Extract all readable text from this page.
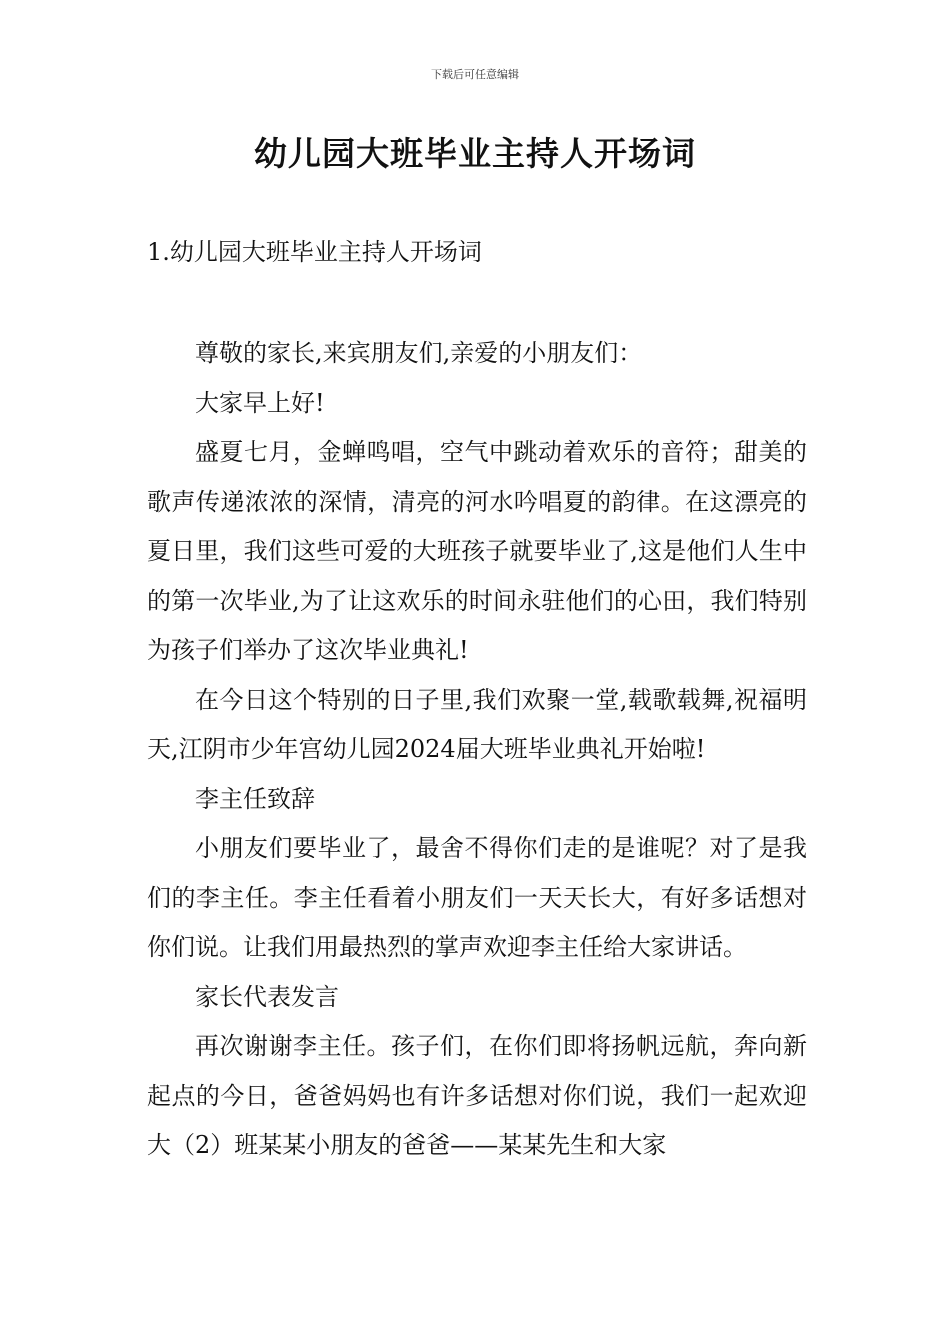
下载后可任意编辑
幼儿园大班毕业主持人开场词
1.幼儿园大班毕业主持人开场词

尊敬的家长,来宾朋友们,亲爱的小朋友们：

大家早上好!

盛夏七月，金蝉鸣唱，空气中跳动着欢乐的音符；甜美的歌声传递浓浓的深情，清亮的河水吟唱夏的韵律。在这漂亮的夏日里，我们这些可爱的大班孩子就要毕业了,这是他们人生中的第一次毕业,为了让这欢乐的时间永驻他们的心田，我们特别为孩子们举办了这次毕业典礼!

在今日这个特别的日子里,我们欢聚一堂,载歌载舞,祝福明天,江阴市少年宫幼儿园2024届大班毕业典礼开始啦!

李主任致辞

小朋友们要毕业了，最舍不得你们走的是谁呢？对了是我们的李主任。李主任看着小朋友们一天天长大，有好多话想对你们说。让我们用最热烈的掌声欢迎李主任给大家讲话。

家长代表发言

再次谢谢李主任。孩子们，在你们即将扬帆远航，奔向新起点的今日，爸爸妈妈也有许多话想对你们说，我们一起欢迎大（2）班某某小朋友的爸爸——某某先生和大家
